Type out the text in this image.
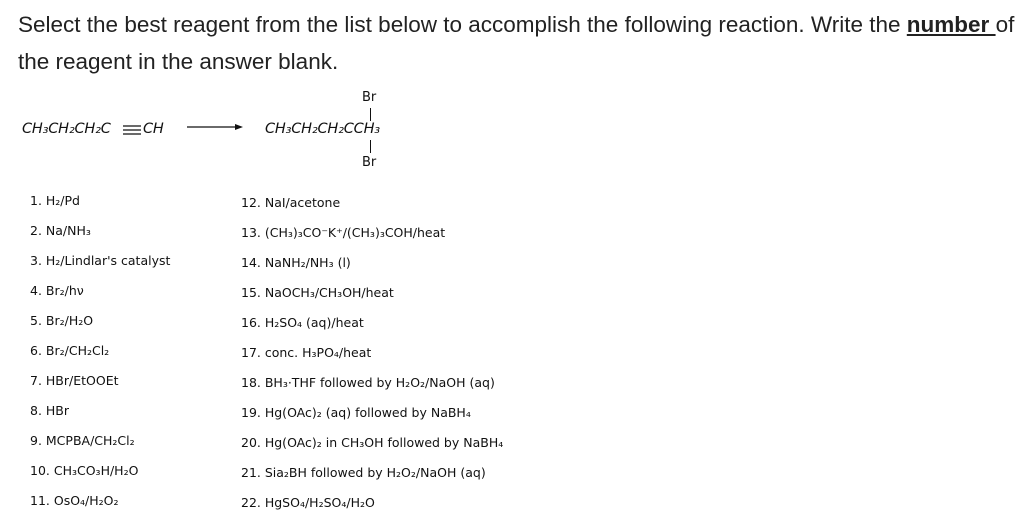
Select the best reagent from the list below to accomplish the following reaction. Write the number of the reagent in the answer blank.
CH₃CH₂CH₂C CH →
Br
CH₃CH₂CH₂CCH₃
Br
1. H₂/Pd
2. Na/NH₃
3. H₂/Lindlar's catalyst
4. Br₂/hν
5. Br₂/H₂O
6. Br₂/CH₂Cl₂
7. HBr/EtOOEt
8. HBr
9. MCPBA/CH₂Cl₂
10. CH₃CO₃H/H₂O
11. OsO₄/H₂O₂
12. NaI/acetone
13. (CH₃)₃CO⁻K⁺/(CH₃)₃COH/heat
14. NaNH₂/NH₃ (l)
15. NaOCH₃/CH₃OH/heat
16. H₂SO₄ (aq)/heat
17. conc. H₃PO₄/heat
18. BH₃·THF followed by H₂O₂/NaOH (aq)
19. Hg(OAc)₂ (aq) followed by NaBH₄
20. Hg(OAc)₂ in CH₃OH followed by NaBH₄
21. Sia₂BH followed by H₂O₂/NaOH (aq)
22. HgSO₄/H₂SO₄/H₂O
